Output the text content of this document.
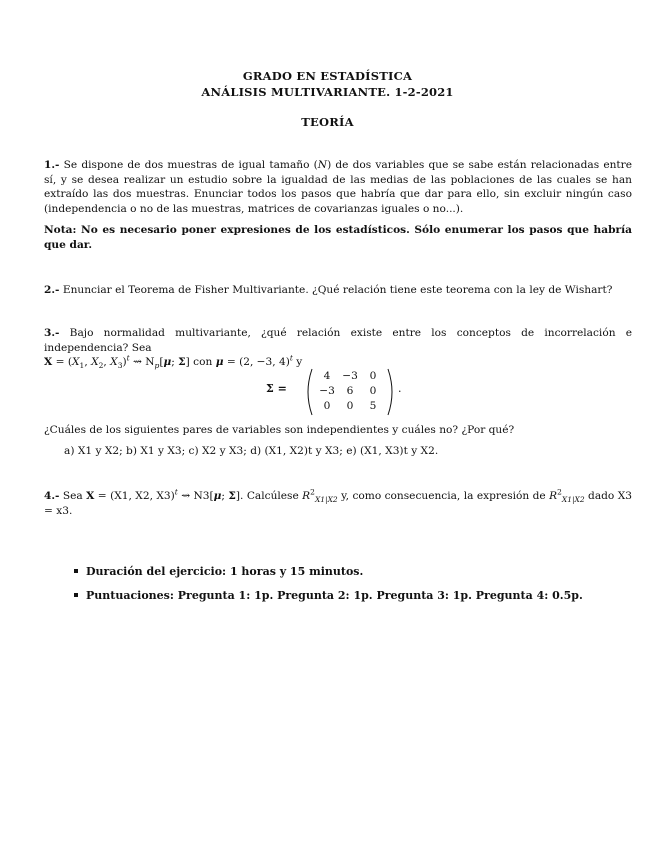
GRADO EN ESTADÍSTICA
ANÁLISIS MULTIVARIANTE. 1-2-2021
TEORÍA
1.- Se dispone de dos muestras de igual tamaño (N) de dos variables que se sabe están relacionadas entre sí, y se desea realizar un estudio sobre la igualdad de las medias de las poblaciones de las cuales se han extraído las dos muestras. Enunciar todos los pasos que habría que dar para ello, sin excluir ningún caso (independencia o no de las muestras, matrices de covarianzas iguales o no...).
Nota: No es necesario poner expresiones de los estadísticos. Sólo enumerar los pasos que habría que dar.
2.- Enunciar el Teorema de Fisher Multivariante. ¿Qué relación tiene este teorema con la ley de Wishart?
3.- Bajo normalidad multivariante, ¿qué relación existe entre los conceptos de incorrelación e independencia? Sea
$X = (X_1$, $X_2$, $X_3)^t$ ⇝ $N_p[\mu$; Σ] con μ = (2, −3, 4)$^t$ y
Σ =
4	−3	0
−3	6	0
0	0	5
.
¿Cuáles de los siguientes pares de variables son independientes y cuáles no? ¿Por qué?
a) X1 y X2; b) X1 y X3; c) X2 y X3; d) (X1, X2)t y X3; e) (X1, X3)t y X2.
4.- Sea X = (X1, X2, X3)$^t$ ⇝ N3[μ; Σ]. Calcúlese $R^2_{X1|X2}$ y, como consecuencia, la expresión de $R^2_{X1|X2}$ dado X3 = x3.
Duración del ejercicio: 1 horas y 15 minutos.
Puntuaciones: Pregunta 1: 1p. Pregunta 2: 1p. Pregunta 3: 1p. Pregunta 4: 0.5p.
